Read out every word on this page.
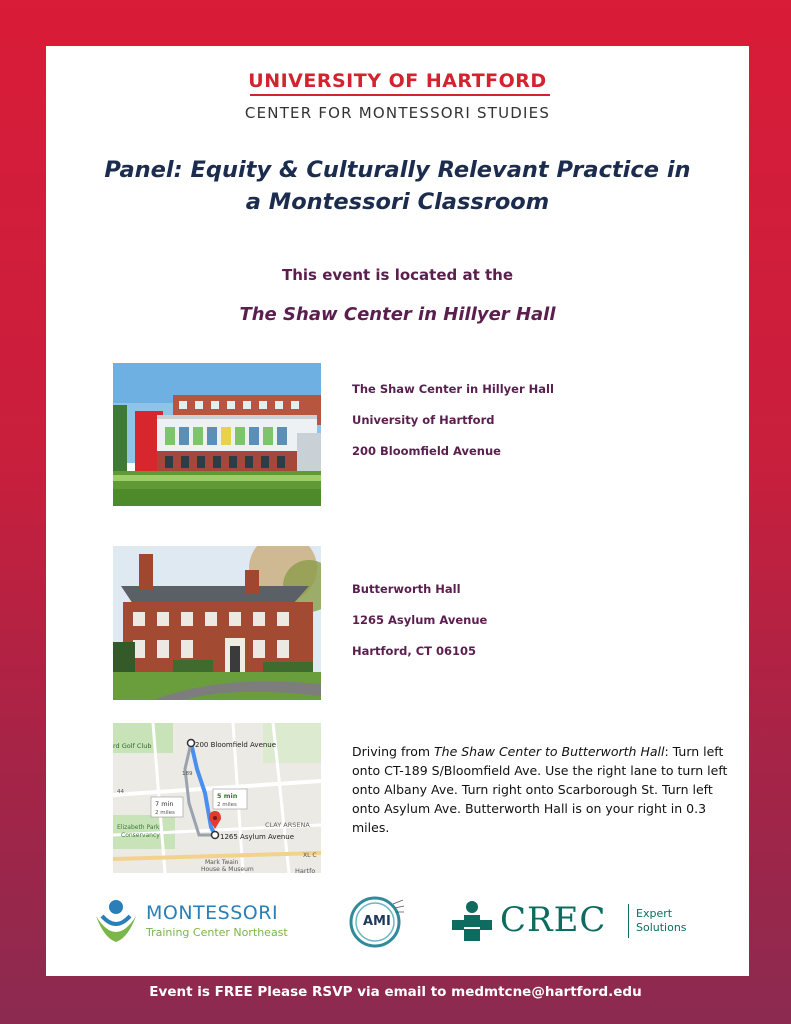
UNIVERSITY OF HARTFORD
CENTER FOR MONTESSORI STUDIES
Panel: Equity & Culturally Relevant Practice in
a Montessori Classroom
This event is located at the
The Shaw Center in Hillyer Hall
The Shaw Center in Hillyer Hall
University of Hartford
200 Bloomfield Avenue
Butterworth Hall
1265 Asylum Avenue
Hartford, CT 06105
200 Bloomfield Avenue
1265 Asylum Avenue
rd Golf Club
5 min
2 miles
7 min
2 miles
Elizabeth Park
Conservancy
CLAY ARSENA
Mark Twain
House & Museum
XL C
Hartfo
189
44
Driving from The Shaw Center to Butterworth Hall: Turn left onto CT-189 S/Bloomfield Ave. Use the right lane to turn left onto Albany Ave. Turn right onto Scarborough St. Turn left onto Asylum Ave. Butterworth Hall is on your right in 0.3 miles.
MONTESSORI
Training Center Northeast
AMI	CREC	Expert
Solutions
Event is FREE Please RSVP via email to medmtcne@hartford.edu
